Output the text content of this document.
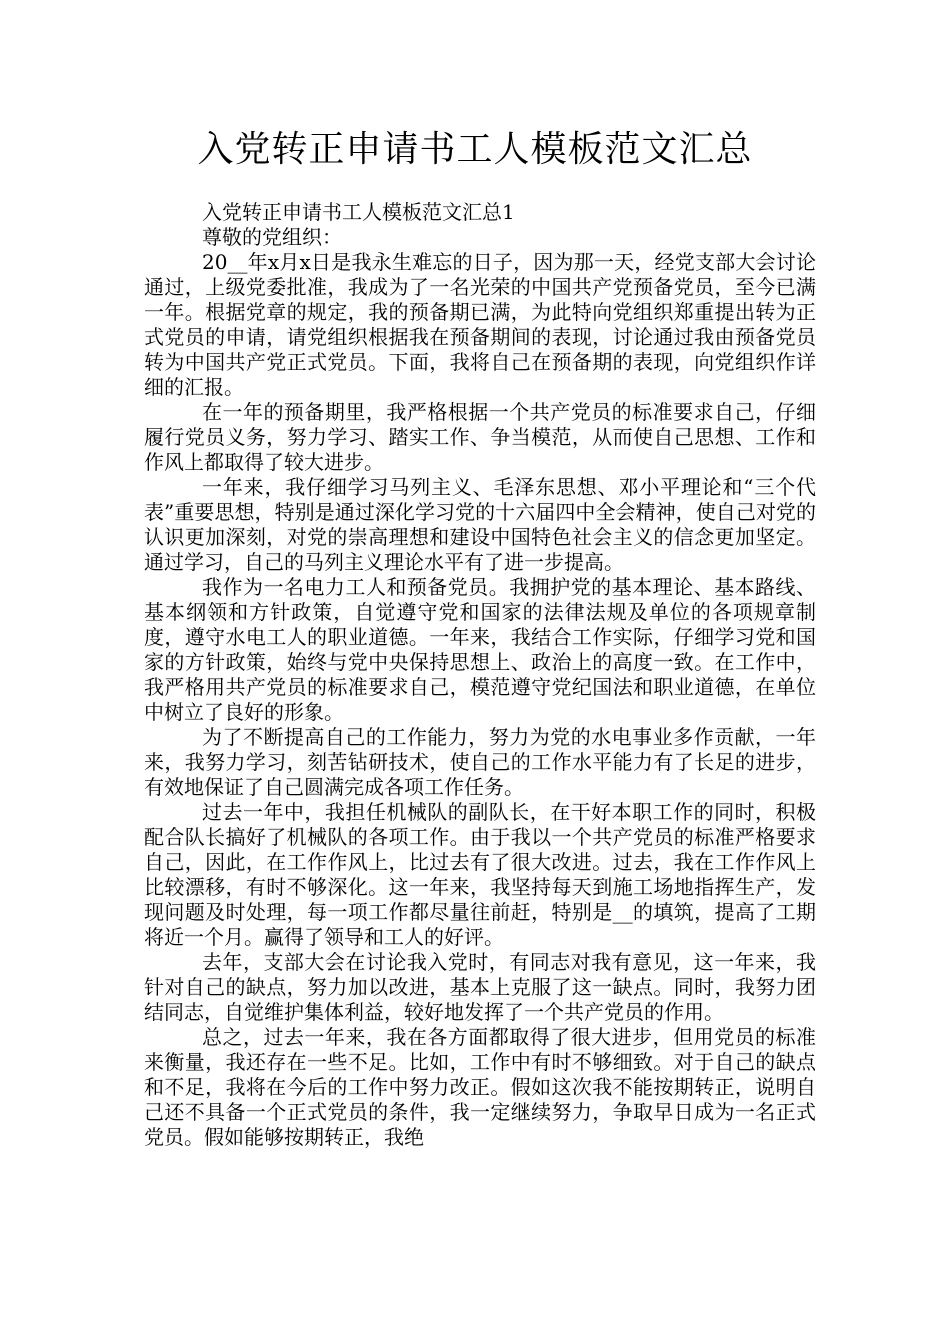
入党转正申请书工人模板范文汇总

入党转正申请书工人模板范文汇总1

尊敬的党组织：

20__年x月x日是我永生难忘的日子，因为那一天，经党支部大会讨论通过，上级党委批准，我成为了一名光荣的中国共产党预备党员，至今已满一年。根据党章的规定，我的预备期已满，为此特向党组织郑重提出转为正式党员的申请，请党组织根据我在预备期间的表现，讨论通过我由预备党员转为中国共产党正式党员。下面，我将自己在预备期的表现，向党组织作详细的汇报。

在一年的预备期里，我严格根据一个共产党员的标准要求自己，仔细履行党员义务，努力学习、踏实工作、争当模范，从而使自己思想、工作和作风上都取得了较大进步。

一年来，我仔细学习马列主义、毛泽东思想、邓小平理论和“三个代表”重要思想，特别是通过深化学习党的十六届四中全会精神，使自己对党的认识更加深刻，对党的崇高理想和建设中国特色社会主义的信念更加坚定。通过学习，自己的马列主义理论水平有了进一步提高。

我作为一名电力工人和预备党员。我拥护党的基本理论、基本路线、基本纲领和方针政策，自觉遵守党和国家的法律法规及单位的各项规章制度，遵守水电工人的职业道德。一年来，我结合工作实际，仔细学习党和国家的方针政策，始终与党中央保持思想上、政治上的高度一致。在工作中，我严格用共产党员的标准要求自己，模范遵守党纪国法和职业道德，在单位中树立了良好的形象。

为了不断提高自己的工作能力，努力为党的水电事业多作贡献，一年来，我努力学习，刻苦钻研技术，使自己的工作水平能力有了长足的进步，有效地保证了自己圆满完成各项工作任务。

过去一年中，我担任机械队的副队长，在干好本职工作的同时，积极配合队长搞好了机械队的各项工作。由于我以一个共产党员的标准严格要求自己，因此，在工作作风上，比过去有了很大改进。过去，我在工作作风上比较漂移，有时不够深化。这一年来，我坚持每天到施工场地指挥生产，发现问题及时处理，每一项工作都尽量往前赶，特别是__的填筑，提高了工期将近一个月。赢得了领导和工人的好评。

去年，支部大会在讨论我入党时，有同志对我有意见，这一年来，我针对自己的缺点，努力加以改进，基本上克服了这一缺点。同时，我努力团结同志，自觉维护集体利益，较好地发挥了一个共产党员的作用。

总之，过去一年来，我在各方面都取得了很大进步，但用党员的标准来衡量，我还存在一些不足。比如，工作中有时不够细致。对于自己的缺点和不足，我将在今后的工作中努力改正。假如这次我不能按期转正，说明自己还不具备一个正式党员的条件，我一定继续努力，争取早日成为一名正式党员。假如能够按期转正，我绝
